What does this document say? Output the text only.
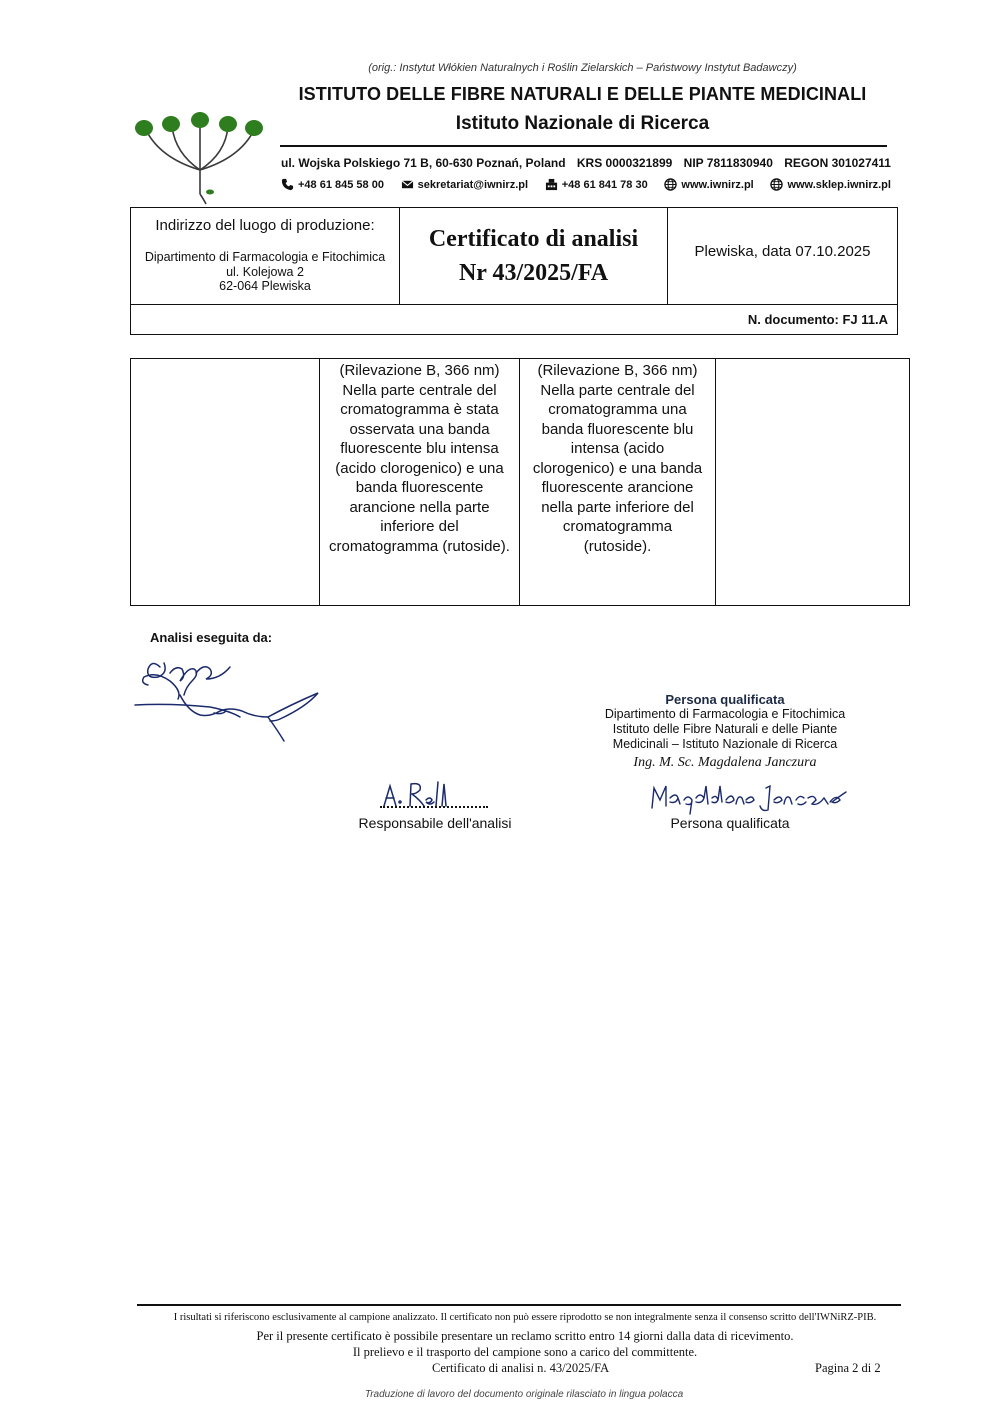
(orig.: Instytut Włókien Naturalnych i Roślin Zielarskich – Państwowy Instytut Badawczy)
ISTITUTO DELLE FIBRE NATURALI E DELLE PIANTE MEDICINALI
Istituto Nazionale di Ricerca
ul. Wojska Polskiego 71 B, 60-630 Poznań, Poland KRS 0000321899 NIP 7811830940 REGON 301027411
+48 61 845 58 00	sekretariat@iwnirz.pl	+48 61 841 78 30	www.iwnirz.pl	www.sklep.iwnirz.pl
Indirizzo del luogo di produzione:
Dipartimento di Farmacologia e Fitochimica
ul. Kolejowa 2
62-064 Plewiska
Certificato di analisi
Nr 43/2025/FA
Plewiska, data 07.10.2025
N. documento: FJ 11.A
(Rilevazione B, 366 nm) Nella parte centrale del cromatogramma è stata osservata una banda fluorescente blu intensa (acido clorogenico) e una banda fluorescente arancione nella parte inferiore del cromatogramma (rutoside).
(Rilevazione B, 366 nm) Nella parte centrale del cromatogramma una banda fluorescente blu intensa (acido clorogenico) e una banda fluorescente arancione nella parte inferiore del cromatogramma (rutoside).
Analisi eseguita da:
Persona qualificata
Dipartimento di Farmacologia e Fitochimica
Istituto delle Fibre Naturali e delle Piante
Medicinali – Istituto Nazionale di Ricerca
Ing. M. Sc. Magdalena Janczura
Responsabile dell'analisi	Persona qualificata
I risultati si riferiscono esclusivamente al campione analizzato. Il certificato non può essere riprodotto se non integralmente senza il consenso scritto dell'IWNiRZ-PIB.
Per il presente certificato è possibile presentare un reclamo scritto entro 14 giorni dalla data di ricevimento.
Il prelievo e il trasporto del campione sono a carico del committente.
Certificato di analisi n. 43/2025/FA	Pagina 2 di 2
Traduzione di lavoro del documento originale rilasciato in lingua polacca
